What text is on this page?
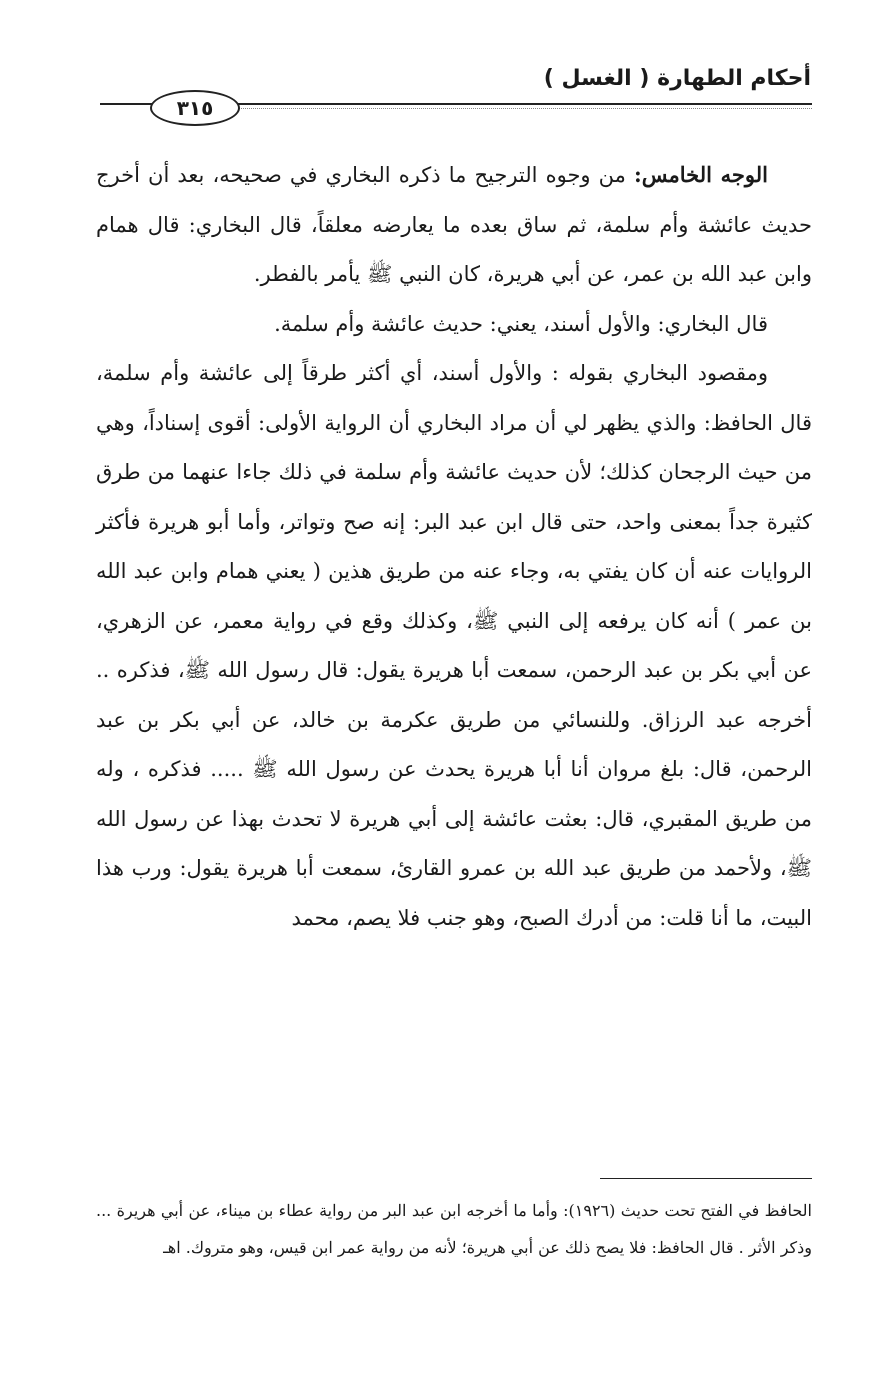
أحكام الطهارة ( الغسل )
٣١٥

الوجه الخامس: من وجوه الترجيح ما ذكره البخاري في صحيحه، بعد أن أخرج حديث عائشة وأم سلمة، ثم ساق بعده ما يعارضه معلقاً، قال البخاري: قال همام وابن عبد الله بن عمر، عن أبي هريرة، كان النبي ﷺ يأمر بالفطر.

قال البخاري: والأول أسند، يعني: حديث عائشة وأم سلمة.

ومقصود البخاري بقوله : والأول أسند، أي أكثر طرقاً إلى عائشة وأم سلمة، قال الحافظ: والذي يظهر لي أن مراد البخاري أن الرواية الأولى: أقوى إسناداً، وهي من حيث الرجحان كذلك؛ لأن حديث عائشة وأم سلمة في ذلك جاءا عنهما من طرق كثيرة جداً بمعنى واحد، حتى قال ابن عبد البر: إنه صح وتواتر، وأما أبو هريرة فأكثر الروايات عنه أن كان يفتي به، وجاء عنه من طريق هذين ( يعني همام وابن عبد الله بن عمر ) أنه كان يرفعه إلى النبي ﷺ، وكذلك وقع في رواية معمر، عن الزهري، عن أبي بكر بن عبد الرحمن، سمعت أبا هريرة يقول: قال رسول الله ﷺ، فذكره .. أخرجه عبد الرزاق. وللنسائي من طريق عكرمة بن خالد، عن أبي بكر بن عبد الرحمن، قال: بلغ مروان أنا أبا هريرة يحدث عن رسول الله ﷺ ..... فذكره ، وله من طريق المقبري، قال: بعثت عائشة إلى أبي هريرة لا تحدث بهذا عن رسول الله ﷺ، ولأحمد من طريق عبد الله بن عمرو القارئ، سمعت أبا هريرة يقول: ورب هذا البيت، ما أنا قلت: من أدرك الصبح، وهو جنب فلا يصم، محمد

الحافظ في الفتح تحت حديث (١٩٢٦): وأما ما أخرجه ابن عبد البر من رواية عطاء بن ميناء، عن أبي هريرة ... وذكر الأثر . قال الحافظ: فلا يصح ذلك عن أبي هريرة؛ لأنه من رواية عمر ابن قيس، وهو متروك. اهـ
